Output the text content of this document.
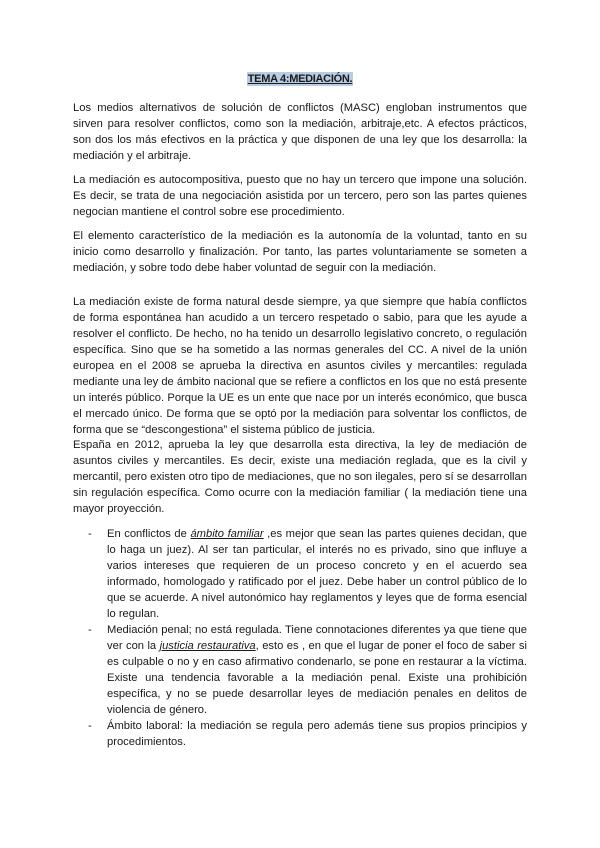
TEMA 4:MEDIACIÓN.

Los medios alternativos de solución de conflictos (MASC) engloban instrumentos que sirven para resolver conflictos, como son la mediación, arbitraje,etc. A efectos prácticos, son dos los más efectivos en la práctica y que disponen de una ley que los desarrolla: la mediación y el arbitraje.

La mediación es autocompositiva, puesto que no hay un tercero que impone una solución. Es decir, se trata de una negociación asistida por un tercero, pero son las partes quienes negocian mantiene el control sobre ese procedimiento.

El elemento característico de la mediación es la autonomía de la voluntad, tanto en su inicio como desarrollo y finalización. Por tanto, las partes voluntariamente se someten a mediación, y sobre todo debe haber voluntad de seguir con la mediación.

La mediación existe de forma natural desde siempre, ya que siempre que había conflictos de forma espontánea han acudido a un tercero respetado o sabio, para que les ayude a resolver el conflicto. De hecho, no ha tenido un desarrollo legislativo concreto, o regulación específica. Sino que se ha sometido a las normas generales del CC. A nivel de la unión europea en el 2008 se aprueba la directiva en asuntos civiles y mercantiles: regulada mediante una ley de ámbito nacional que se refiere a conflictos en los que no está presente un interés público. Porque la UE es un ente que nace por un interés económico, que busca el mercado único. De forma que se optó por la mediación para solventar los conflictos, de forma que se “descongestiona” el sistema público de justicia.

España en 2012, aprueba la ley que desarrolla esta directiva, la ley de mediación de asuntos civiles y mercantiles. Es decir, existe una mediación reglada, que es la civil y mercantil, pero existen otro tipo de mediaciones, que no son ilegales, pero sí se desarrollan sin regulación específica. Como ocurre con la mediación familiar ( la mediación tiene una mayor proyección.

- En conflictos de ámbito familiar ,es mejor que sean las partes quienes decidan, que lo haga un juez). Al ser tan particular, el interés no es privado, sino que influye a varios intereses que requieren de un proceso concreto y en el acuerdo sea informado, homologado y ratificado por el juez. Debe haber un control público de lo que se acuerde. A nivel autonómico hay reglamentos y leyes que de forma esencial lo regulan.
- Mediación penal; no está regulada. Tiene connotaciones diferentes ya que tiene que ver con la justicia restaurativa, esto es , en que el lugar de poner el foco de saber si es culpable o no y en caso afirmativo condenarlo, se pone en restaurar a la víctima. Existe una tendencia favorable a la mediación penal. Existe una prohibición específica, y no se puede desarrollar leyes de mediación penales en delitos de violencia de género.
- Ámbito laboral: la mediación se regula pero además tiene sus propios principios y procedimientos.
